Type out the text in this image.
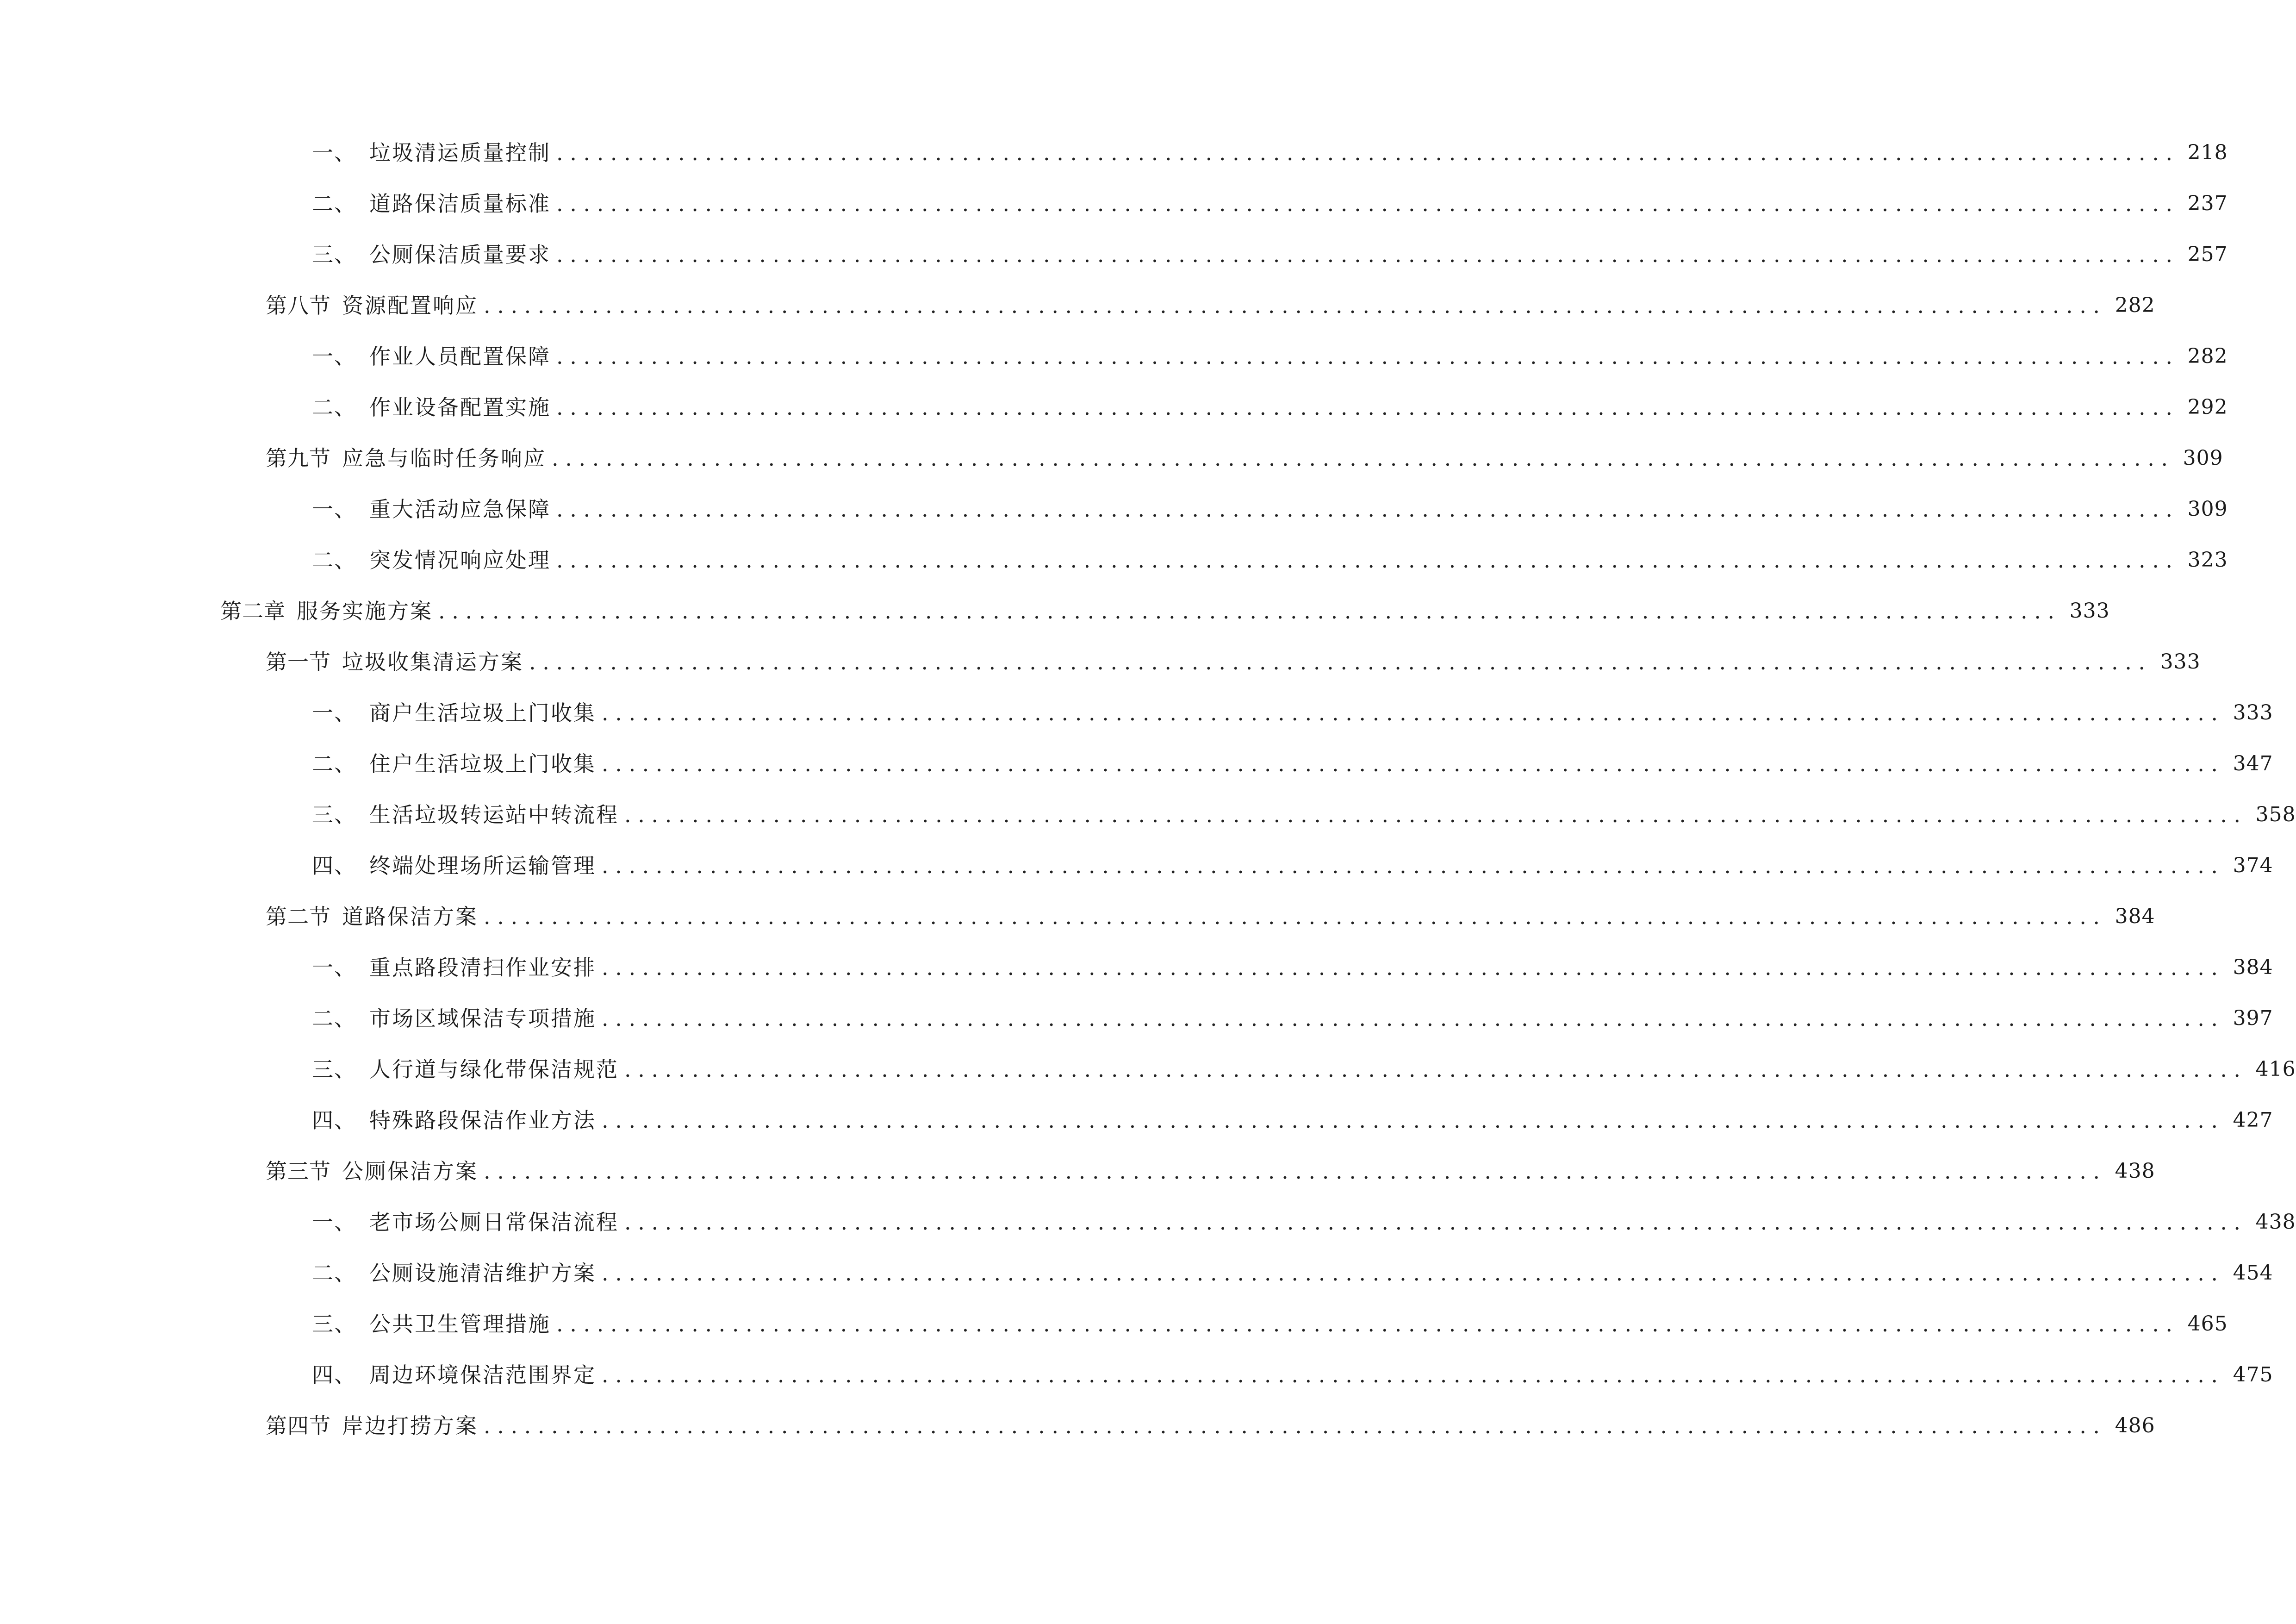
一、 垃圾清运质量控制 ........................................................................................................................ 218
二、 道路保洁质量标准 ........................................................................................................................ 237
三、 公厕保洁质量要求 ........................................................................................................................ 257
第八节 资源配置响应 ........................................................................................................................ 282
一、 作业人员配置保障 ........................................................................................................................ 282
二、 作业设备配置实施 ........................................................................................................................ 292
第九节 应急与临时任务响应 ........................................................................................................................ 309
一、 重大活动应急保障 ........................................................................................................................ 309
二、 突发情况响应处理 ........................................................................................................................ 323
第二章 服务实施方案 ........................................................................................................................ 333
第一节 垃圾收集清运方案 ........................................................................................................................ 333
一、 商户生活垃圾上门收集 ........................................................................................................................ 333
二、 住户生活垃圾上门收集 ........................................................................................................................ 347
三、 生活垃圾转运站中转流程 ........................................................................................................................ 358
四、 终端处理场所运输管理 ........................................................................................................................ 374
第二节 道路保洁方案 ........................................................................................................................ 384
一、 重点路段清扫作业安排 ........................................................................................................................ 384
二、 市场区域保洁专项措施 ........................................................................................................................ 397
三、 人行道与绿化带保洁规范 ........................................................................................................................ 416
四、 特殊路段保洁作业方法 ........................................................................................................................ 427
第三节 公厕保洁方案 ........................................................................................................................ 438
一、 老市场公厕日常保洁流程 ........................................................................................................................ 438
二、 公厕设施清洁维护方案 ........................................................................................................................ 454
三、 公共卫生管理措施 ........................................................................................................................ 465
四、 周边环境保洁范围界定 ........................................................................................................................ 475
第四节 岸边打捞方案 ........................................................................................................................ 486
